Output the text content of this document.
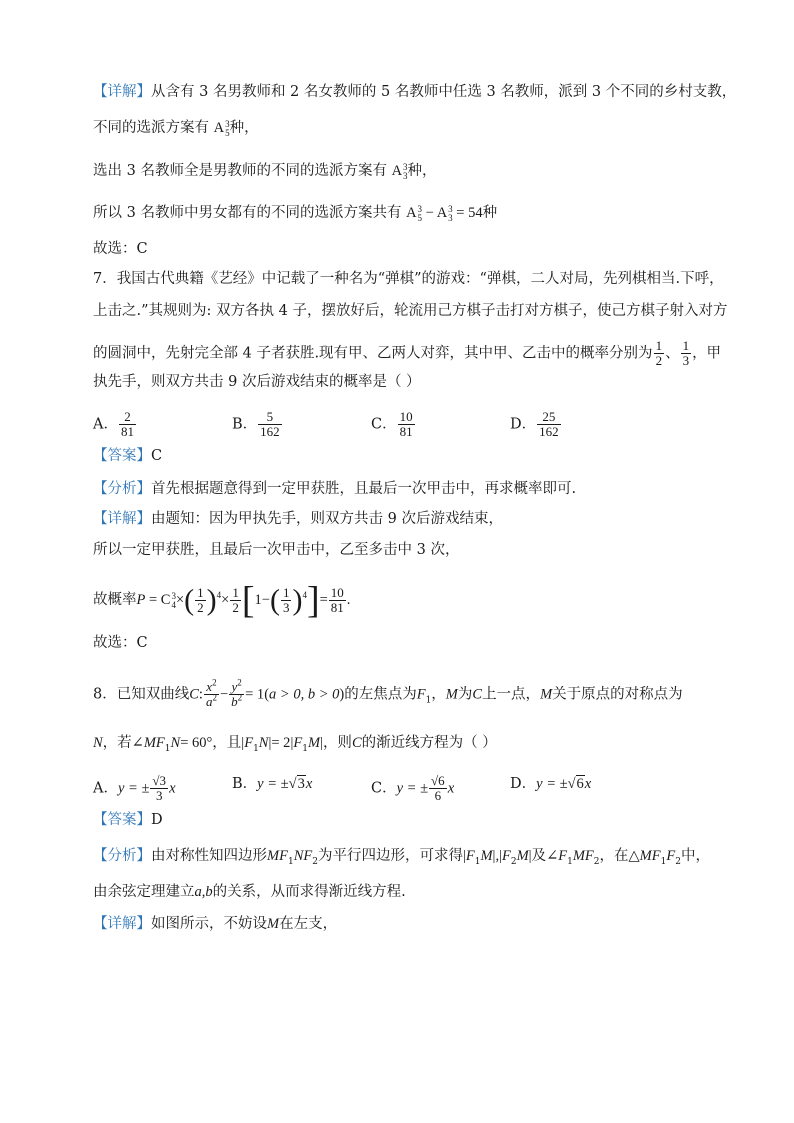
【详解】从含有 3 名男教师和 2 名女教师的 5 名教师中任选 3 名教师，派到 3 个不同的乡村支教，
不同的选派方案有 A 3
5 种，
选出 3 名教师全是男教师的不同的选派方案有 A 3
3 种，
所以 3 名教师中男女都有的不同的选派方案共有 A 3
5 − A 3
3 = 54种
故选：C
7．我国古代典籍《艺经》中记载了一种名为“弹棋”的游戏：“弹棋，二人对局，先列棋相当.下呼，
上击之.”其规则为: 双方各执 4 子，摆放好后，轮流用己方棋子击打对方棋子，使己方棋子射入对方
的圆洞中，先射完全部 4 子者获胜.现有甲、乙两人对弈，其中甲、乙击中的概率分别为 $\frac{1}{2}$ 、 $\frac{1}{3}$ ，甲
执先手，则双方共击 9 次后游戏结束的概率是（ ）
A． $\frac{2}{81}$	B． $\frac{5}{162}$	C． $\frac{10}{81}$	D． $\frac{25}{162}$
【答案】C
【分析】首先根据题意得到一定甲获胜，且最后一次甲击中，再求概率即可.
【详解】由题知：因为甲执先手，则双方共击 9 次后游戏结束，
所以一定甲获胜，且最后一次甲击中，乙至多击中 3 次，
故概率P = C 3
4 ×( $\frac{1}{2} )^4\times \frac{1}{2} [1-( \frac{1}{3} )^4]= \frac{10}{81}$ .
故选：C
8．已知双曲线C: $\frac{x^2}{a^2} - \frac{y^2}{b^2} = 1(a > 0$, b > 0)的左焦点为$F_1$，M为C上一点，M关于原点的对称点为
N，若$\angle MF_1N= 60^\circ$，且$|F_1N|= 2|F_1M|$，则C的渐近线方程为（ ）
A．y = ± $\frac{√3}{3}$ x	B．y = ±√3x	C．y = ± $\frac{√6}{6}$ x	D．y = ±√6x
【答案】D
【分析】由对称性知四边形$MF_1NF_2$为平行四边形，可求得$|F_1M|,|F_2M|$及$\angle F_1MF_2$，在$\triangle MF_1F_2$中，
由余弦定理建立a,b的关系，从而求得渐近线方程.
【详解】如图所示，不妨设M在左支，
